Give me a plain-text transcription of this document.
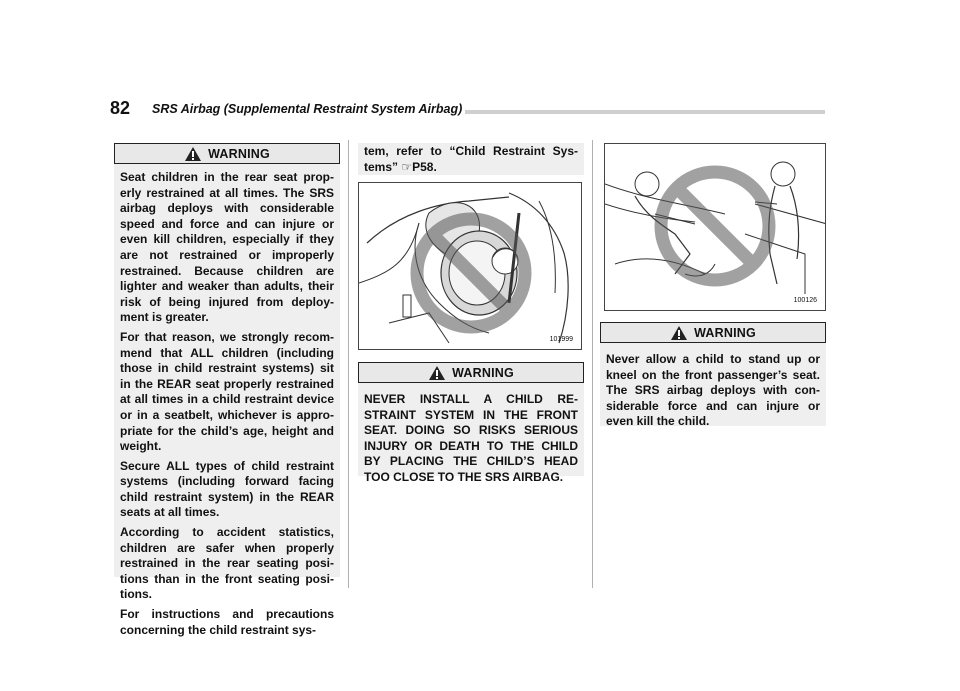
82 SRS Airbag (Supplemental Restraint System Airbag)
WARNING

Seat children in the rear seat prop-erly restrained at all times. The SRS airbag deploys with considerable speed and force and can injure or even kill children, especially if they are not restrained or improperly restrained. Because children are lighter and weaker than adults, their risk of being injured from deploy-ment is greater.

For that reason, we strongly recom-mend that ALL children (including those in child restraint systems) sit in the REAR seat properly restrained at all times in a child restraint device or in a seatbelt, whichever is appro-priate for the child’s age, height and weight.

Secure ALL types of child restraint systems (including forward facing child restraint system) in the REAR seats at all times.

According to accident statistics, children are safer when properly restrained in the rear seating posi-tions than in the front seating posi-tions.

For instructions and precautions concerning the child restraint sys-

tem, refer to “Child Restraint Sys-tems” ☞P58.
101999
WARNING
NEVER INSTALL A CHILD RE-STRAINT SYSTEM IN THE FRONT SEAT. DOING SO RISKS SERIOUS INJURY OR DEATH TO THE CHILD BY PLACING THE CHILD’S HEAD TOO CLOSE TO THE SRS AIRBAG.
100126
WARNING
Never allow a child to stand up or kneel on the front passenger’s seat. The SRS airbag deploys with con-siderable force and can injure or even kill the child.
